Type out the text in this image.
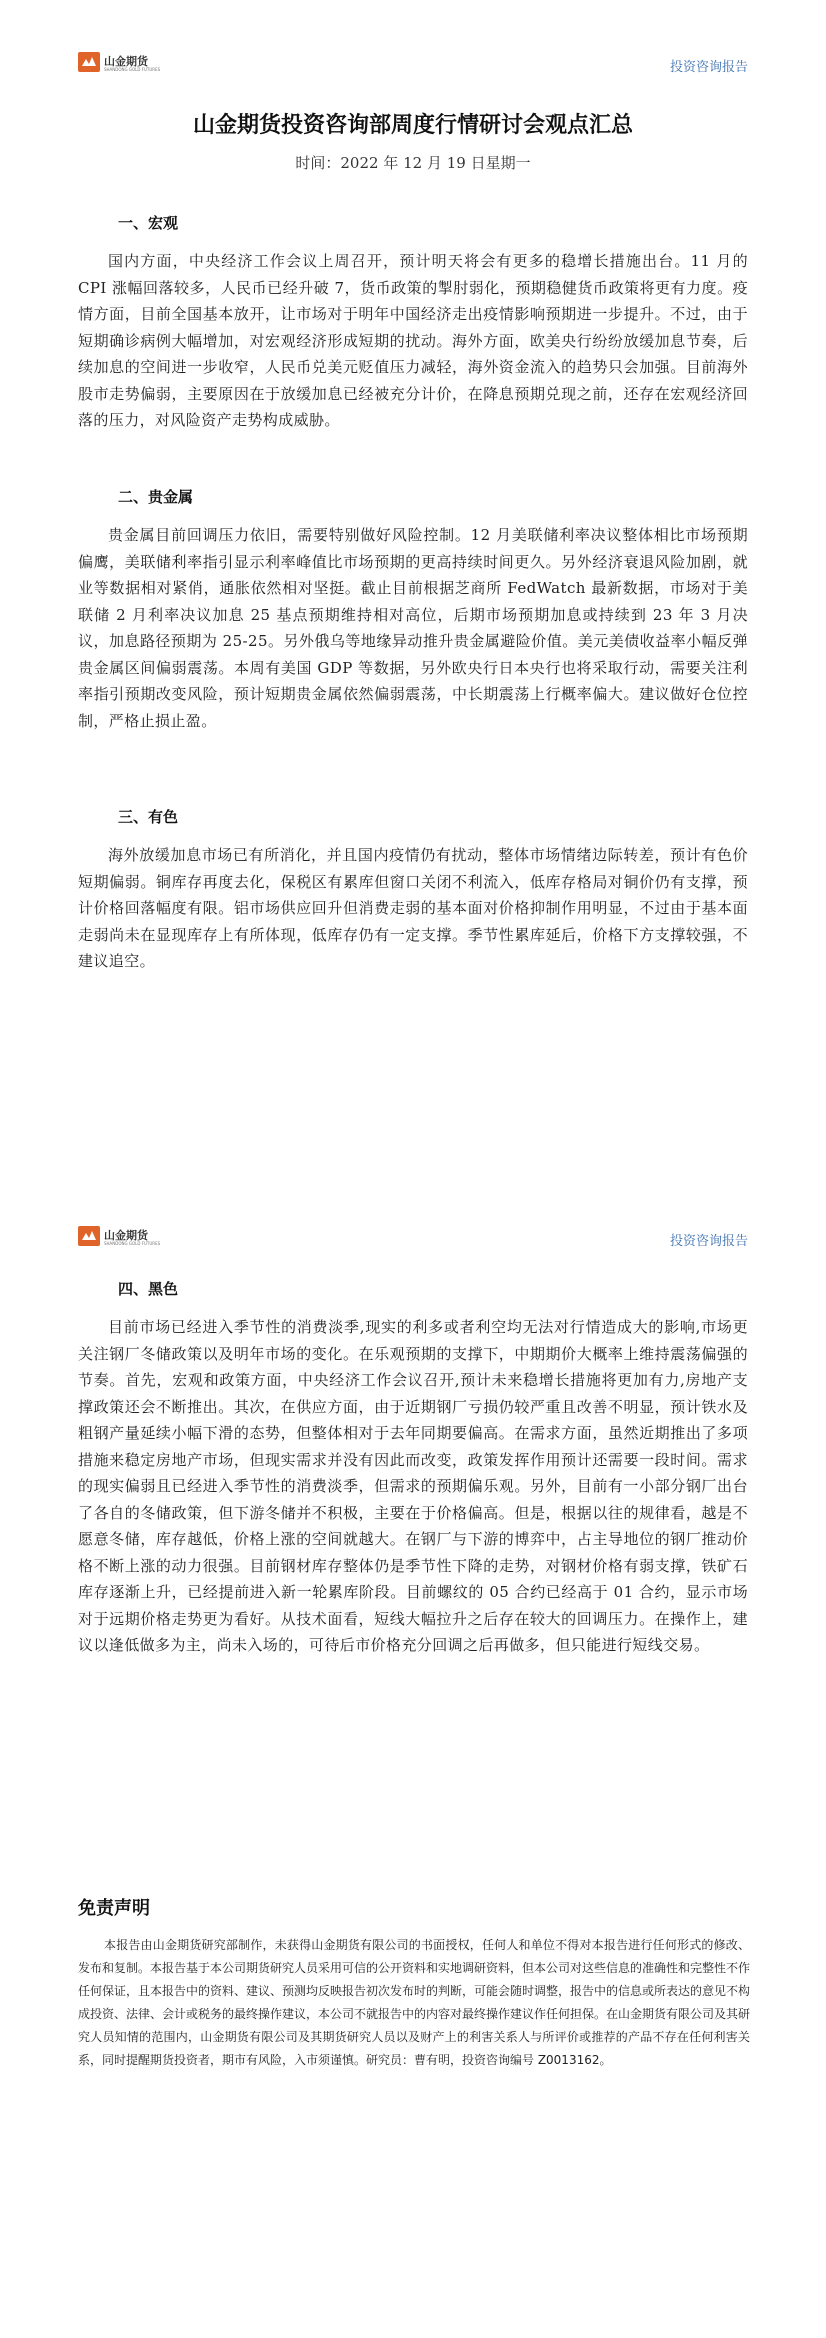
山金期货
SHANDONG GOLD FUTURES	投资咨询报告
山金期货投资咨询部周度行情研讨会观点汇总
时间：2022 年 12 月 19 日星期一
一、宏观
国内方面，中央经济工作会议上周召开，预计明天将会有更多的稳增长措施出台。11 月的 CPI 涨幅回落较多，人民币已经升破 7，货币政策的掣肘弱化，预期稳健货币政策将更有力度。疫情方面，目前全国基本放开，让市场对于明年中国经济走出疫情影响预期进一步提升。不过，由于短期确诊病例大幅增加，对宏观经济形成短期的扰动。海外方面，欧美央行纷纷放缓加息节奏，后续加息的空间进一步收窄，人民币兑美元贬值压力减轻，海外资金流入的趋势只会加强。目前海外股市走势偏弱，主要原因在于放缓加息已经被充分计价，在降息预期兑现之前，还存在宏观经济回落的压力，对风险资产走势构成威胁。
二、贵金属
贵金属目前回调压力依旧，需要特别做好风险控制。12 月美联储利率决议整体相比市场预期偏鹰，美联储利率指引显示利率峰值比市场预期的更高持续时间更久。另外经济衰退风险加剧，就业等数据相对紧俏，通胀依然相对坚挺。截止目前根据芝商所 FedWatch 最新数据，市场对于美联储 2 月利率决议加息 25 基点预期维持相对高位，后期市场预期加息或持续到 23 年 3 月决议，加息路径预期为 25-25。另外俄乌等地缘异动推升贵金属避险价值。美元美债收益率小幅反弹贵金属区间偏弱震荡。本周有美国 GDP 等数据，另外欧央行日本央行也将采取行动，需要关注利率指引预期改变风险，预计短期贵金属依然偏弱震荡，中长期震荡上行概率偏大。建议做好仓位控制，严格止损止盈。
三、有色
海外放缓加息市场已有所消化，并且国内疫情仍有扰动，整体市场情绪边际转差，预计有色价短期偏弱。铜库存再度去化，保税区有累库但窗口关闭不利流入，低库存格局对铜价仍有支撑，预计价格回落幅度有限。铝市场供应回升但消费走弱的基本面对价格抑制作用明显，不过由于基本面走弱尚未在显现库存上有所体现，低库存仍有一定支撑。季节性累库延后，价格下方支撑较强，不建议追空。
山金期货
SHANDONG GOLD FUTURES	投资咨询报告
四、黑色
目前市场已经进入季节性的消费淡季,现实的利多或者利空均无法对行情造成大的影响,市场更关注钢厂冬储政策以及明年市场的变化。在乐观预期的支撑下，中期期价大概率上维持震荡偏强的节奏。首先，宏观和政策方面，中央经济工作会议召开,预计未来稳增长措施将更加有力,房地产支撑政策还会不断推出。其次，在供应方面，由于近期钢厂亏损仍较严重且改善不明显，预计铁水及粗钢产量延续小幅下滑的态势，但整体相对于去年同期要偏高。在需求方面，虽然近期推出了多项措施来稳定房地产市场，但现实需求并没有因此而改变，政策发挥作用预计还需要一段时间。需求的现实偏弱且已经进入季节性的消费淡季，但需求的预期偏乐观。另外，目前有一小部分钢厂出台了各自的冬储政策，但下游冬储并不积极，主要在于价格偏高。但是，根据以往的规律看，越是不愿意冬储，库存越低，价格上涨的空间就越大。在钢厂与下游的博弈中，占主导地位的钢厂推动价格不断上涨的动力很强。目前钢材库存整体仍是季节性下降的走势，对钢材价格有弱支撑，铁矿石库存逐渐上升，已经提前进入新一轮累库阶段。目前螺纹的 05 合约已经高于 01 合约，显示市场对于远期价格走势更为看好。从技术面看，短线大幅拉升之后存在较大的回调压力。在操作上，建议以逢低做多为主，尚未入场的，可待后市价格充分回调之后再做多，但只能进行短线交易。
免责声明
本报告由山金期货研究部制作，未获得山金期货有限公司的书面授权，任何人和单位不得对本报告进行任何形式的修改、发布和复制。本报告基于本公司期货研究人员采用可信的公开资料和实地调研资料，但本公司对这些信息的准确性和完整性不作任何保证，且本报告中的资料、建议、预测均反映报告初次发布时的判断，可能会随时调整，报告中的信息或所表达的意见不构成投资、法律、会计或税务的最终操作建议，本公司不就报告中的内容对最终操作建议作任何担保。在山金期货有限公司及其研究人员知情的范围内，山金期货有限公司及其期货研究人员以及财产上的利害关系人与所评价或推荐的产品不存在任何利害关系，同时提醒期货投资者，期市有风险，入市须谨慎。研究员：曹有明，投资咨询编号 Z0013162。
